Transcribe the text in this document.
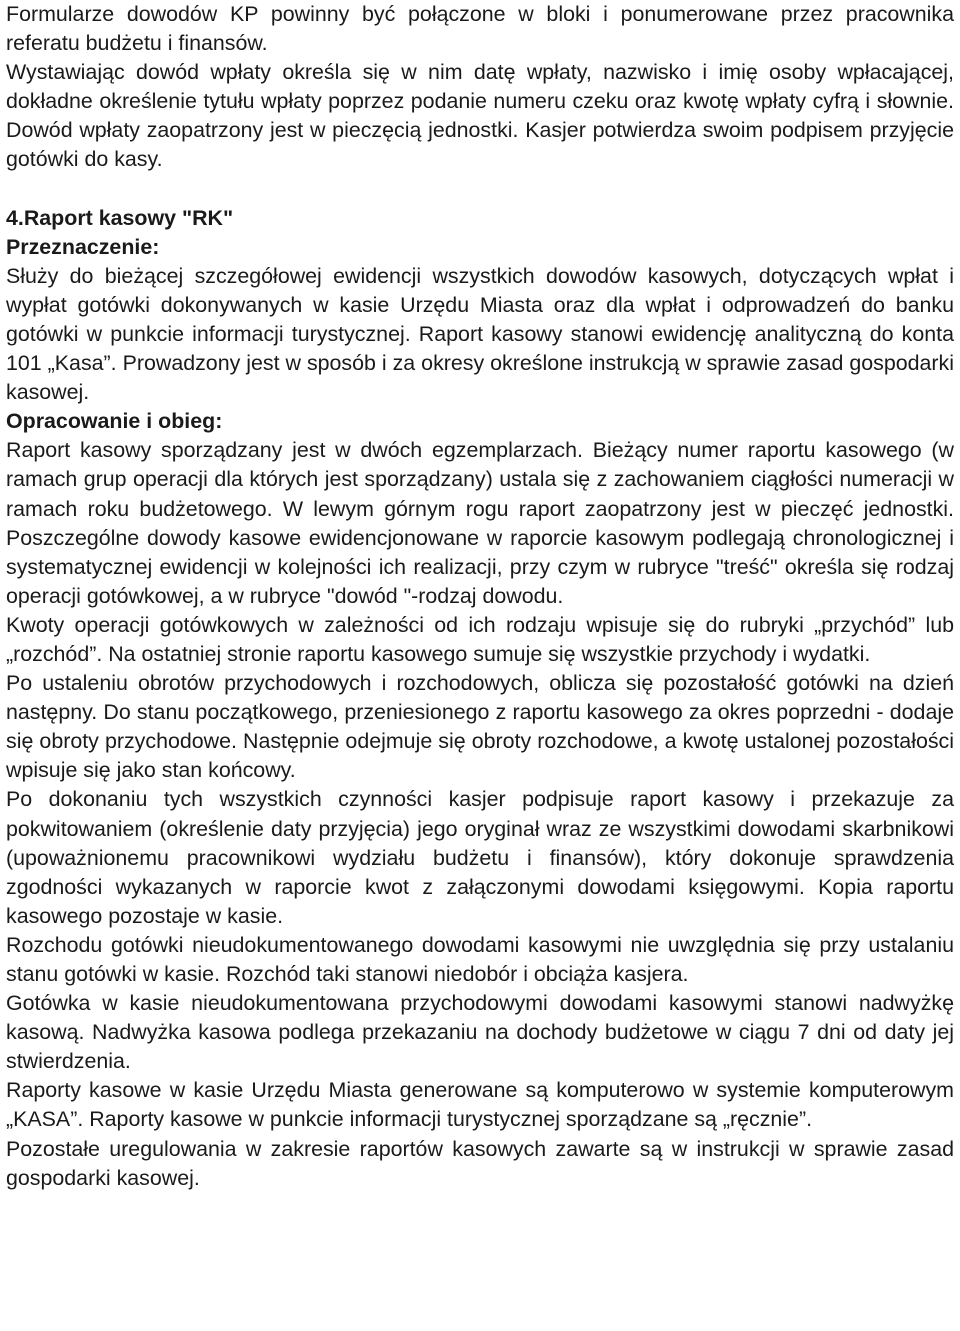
Formularze dowodów KP powinny być połączone w bloki i ponumerowane przez pracownika referatu budżetu i finansów.

Wystawiając dowód wpłaty określa się w nim datę wpłaty, nazwisko i imię osoby wpłacającej, dokładne określenie tytułu wpłaty poprzez podanie numeru czeku oraz kwotę wpłaty cyfrą i słownie. Dowód wpłaty zaopatrzony jest w pieczęcią jednostki. Kasjer potwierdza swoim podpisem przyjęcie gotówki do kasy.

4.Raport kasowy "RK"

Przeznaczenie:

Służy do bieżącej szczegółowej ewidencji wszystkich dowodów kasowych, dotyczących wpłat i wypłat gotówki dokonywanych w kasie Urzędu Miasta oraz dla wpłat i odprowadzeń do banku gotówki w punkcie informacji turystycznej. Raport kasowy stanowi ewidencję analityczną do konta 101 „Kasa”. Prowadzony jest w sposób i za okresy określone instrukcją w sprawie zasad gospodarki kasowej.

Opracowanie i obieg:

Raport kasowy sporządzany jest w dwóch egzemplarzach. Bieżący numer raportu kasowego (w ramach grup operacji dla których jest sporządzany) ustala się z zachowaniem ciągłości numeracji w ramach roku budżetowego. W lewym górnym rogu raport zaopatrzony jest w pieczęć jednostki. Poszczególne dowody kasowe ewidencjonowane w raporcie kasowym podlegają chronologicznej i systematycznej ewidencji w kolejności ich realizacji, przy czym w rubryce "treść" określa się rodzaj operacji gotówkowej, a w rubryce "dowód "-rodzaj dowodu.

Kwoty operacji gotówkowych w zależności od ich rodzaju wpisuje się do rubryki „przychód” lub „rozchód”. Na ostatniej stronie raportu kasowego sumuje się wszystkie przychody i wydatki.

Po ustaleniu obrotów przychodowych i rozchodowych, oblicza się pozostałość gotówki na dzień następny. Do stanu początkowego, przeniesionego z raportu kasowego za okres poprzedni - dodaje się obroty przychodowe. Następnie odejmuje się obroty rozchodowe, a kwotę ustalonej pozostałości wpisuje się jako stan końcowy.

Po dokonaniu tych wszystkich czynności kasjer podpisuje raport kasowy i przekazuje za pokwitowaniem (określenie daty przyjęcia) jego oryginał wraz ze wszystkimi dowodami skarbnikowi (upoważnionemu pracownikowi wydziału budżetu i finansów), który dokonuje sprawdzenia zgodności wykazanych w raporcie kwot z załączonymi dowodami księgowymi. Kopia raportu kasowego pozostaje w kasie.

Rozchodu gotówki nieudokumentowanego dowodami kasowymi nie uwzględnia się przy ustalaniu stanu gotówki w kasie. Rozchód taki stanowi niedobór i obciąża kasjera.

Gotówka w kasie nieudokumentowana przychodowymi dowodami kasowymi stanowi nadwyżkę kasową. Nadwyżka kasowa podlega przekazaniu na dochody budżetowe w ciągu 7 dni od daty jej stwierdzenia.

Raporty kasowe w kasie Urzędu Miasta generowane są komputerowo w systemie komputerowym „KASA”. Raporty kasowe w punkcie informacji turystycznej sporządzane są „ręcznie”.

Pozostałe uregulowania w zakresie raportów kasowych zawarte są w instrukcji w sprawie zasad gospodarki kasowej.
